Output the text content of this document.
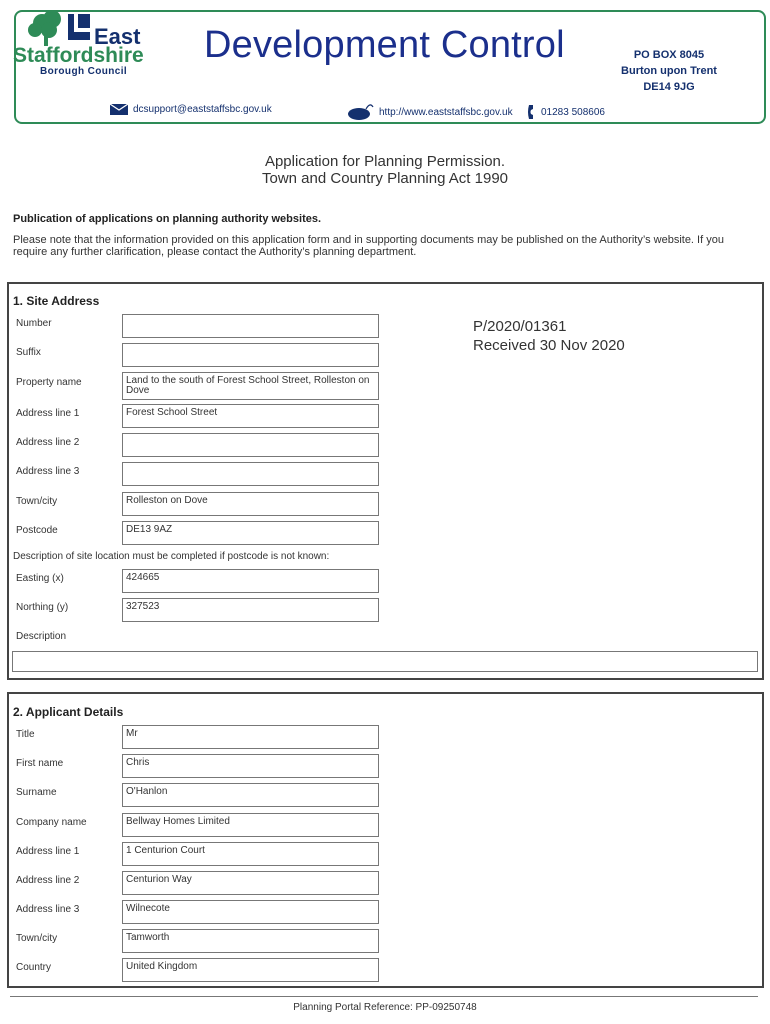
East
Staffordshire
Borough Council
Development Control	PO BOX 8045
Burton upon Trent
DE14 9JG
dcsupport@eaststaffsbc.gov.uk	http://www.eaststaffsbc.gov.uk	01283 508606
Application for Planning Permission.
Town and Country Planning Act 1990
Publication of applications on planning authority websites.
Please note that the information provided on this application form and in supporting documents may be published on the Authority’s website. If you require any further clarification, please contact the Authority’s planning department.
1. Site Address
Number
Suffix
Property name	Land to the south of Forest School Street, Rolleston on Dove
Address line 1	Forest School Street
Address line 2
Address line 3
Town/city	Rolleston on Dove
Postcode	DE13 9AZ
Description of site location must be completed if postcode is not known:
Easting (x)	424665
Northing (y)	327523
Description
P/2020/01361
Received 30 Nov 2020
2. Applicant Details
Title	Mr
First name	Chris
Surname	O'Hanlon
Company name	Bellway Homes Limited
Address line 1	1 Centurion Court
Address line 2	Centurion Way
Address line 3	Wilnecote
Town/city	Tamworth
Country	United Kingdom
Planning Portal Reference: PP-09250748
